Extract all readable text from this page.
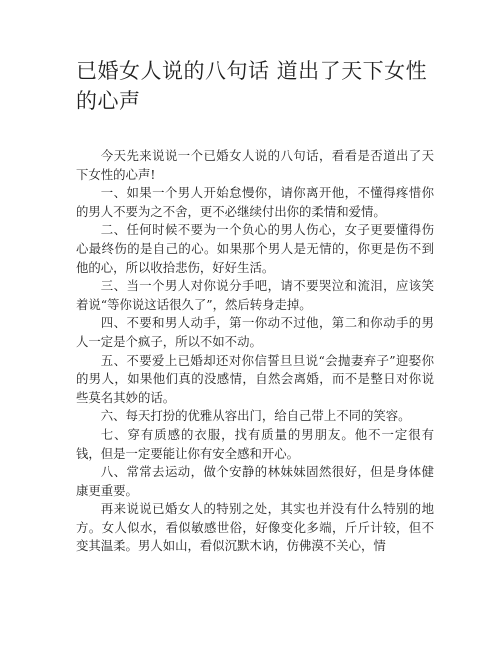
已婚女人说的八句话 道出了天下女性的心声

今天先来说说一个已婚女人说的八句话，看看是否道出了天下女性的心声!

一、如果一个男人开始怠慢你，请你离开他，不懂得疼惜你的男人不要为之不舍，更不必继续付出你的柔情和爱情。

二、任何时候不要为一个负心的男人伤心，女子更要懂得伤心最终伤的是自己的心。如果那个男人是无情的，你更是伤不到他的心，所以收拾悲伤，好好生活。

三、当一个男人对你说分手吧，请不要哭泣和流泪，应该笑着说“等你说这话很久了”，然后转身走掉。

四、不要和男人动手，第一你动不过他，第二和你动手的男人一定是个疯子，所以不如不动。

五、不要爱上已婚却还对你信誓旦旦说“会抛妻弃子”迎娶你的男人，如果他们真的没感情，自然会离婚，而不是整日对你说些莫名其妙的话。

六、每天打扮的优雅从容出门，给自己带上不同的笑容。

七、穿有质感的衣服，找有质量的男朋友。他不一定很有钱，但是一定要能让你有安全感和开心。

八、常常去运动，做个安静的林妹妹固然很好，但是身体健康更重要。

再来说说已婚女人的特别之处，其实也并没有什么特别的地方。女人似水，看似敏感世俗，好像变化多端，斤斤计较，但不变其温柔。男人如山，看似沉默木讷，仿佛漠不关心，情
